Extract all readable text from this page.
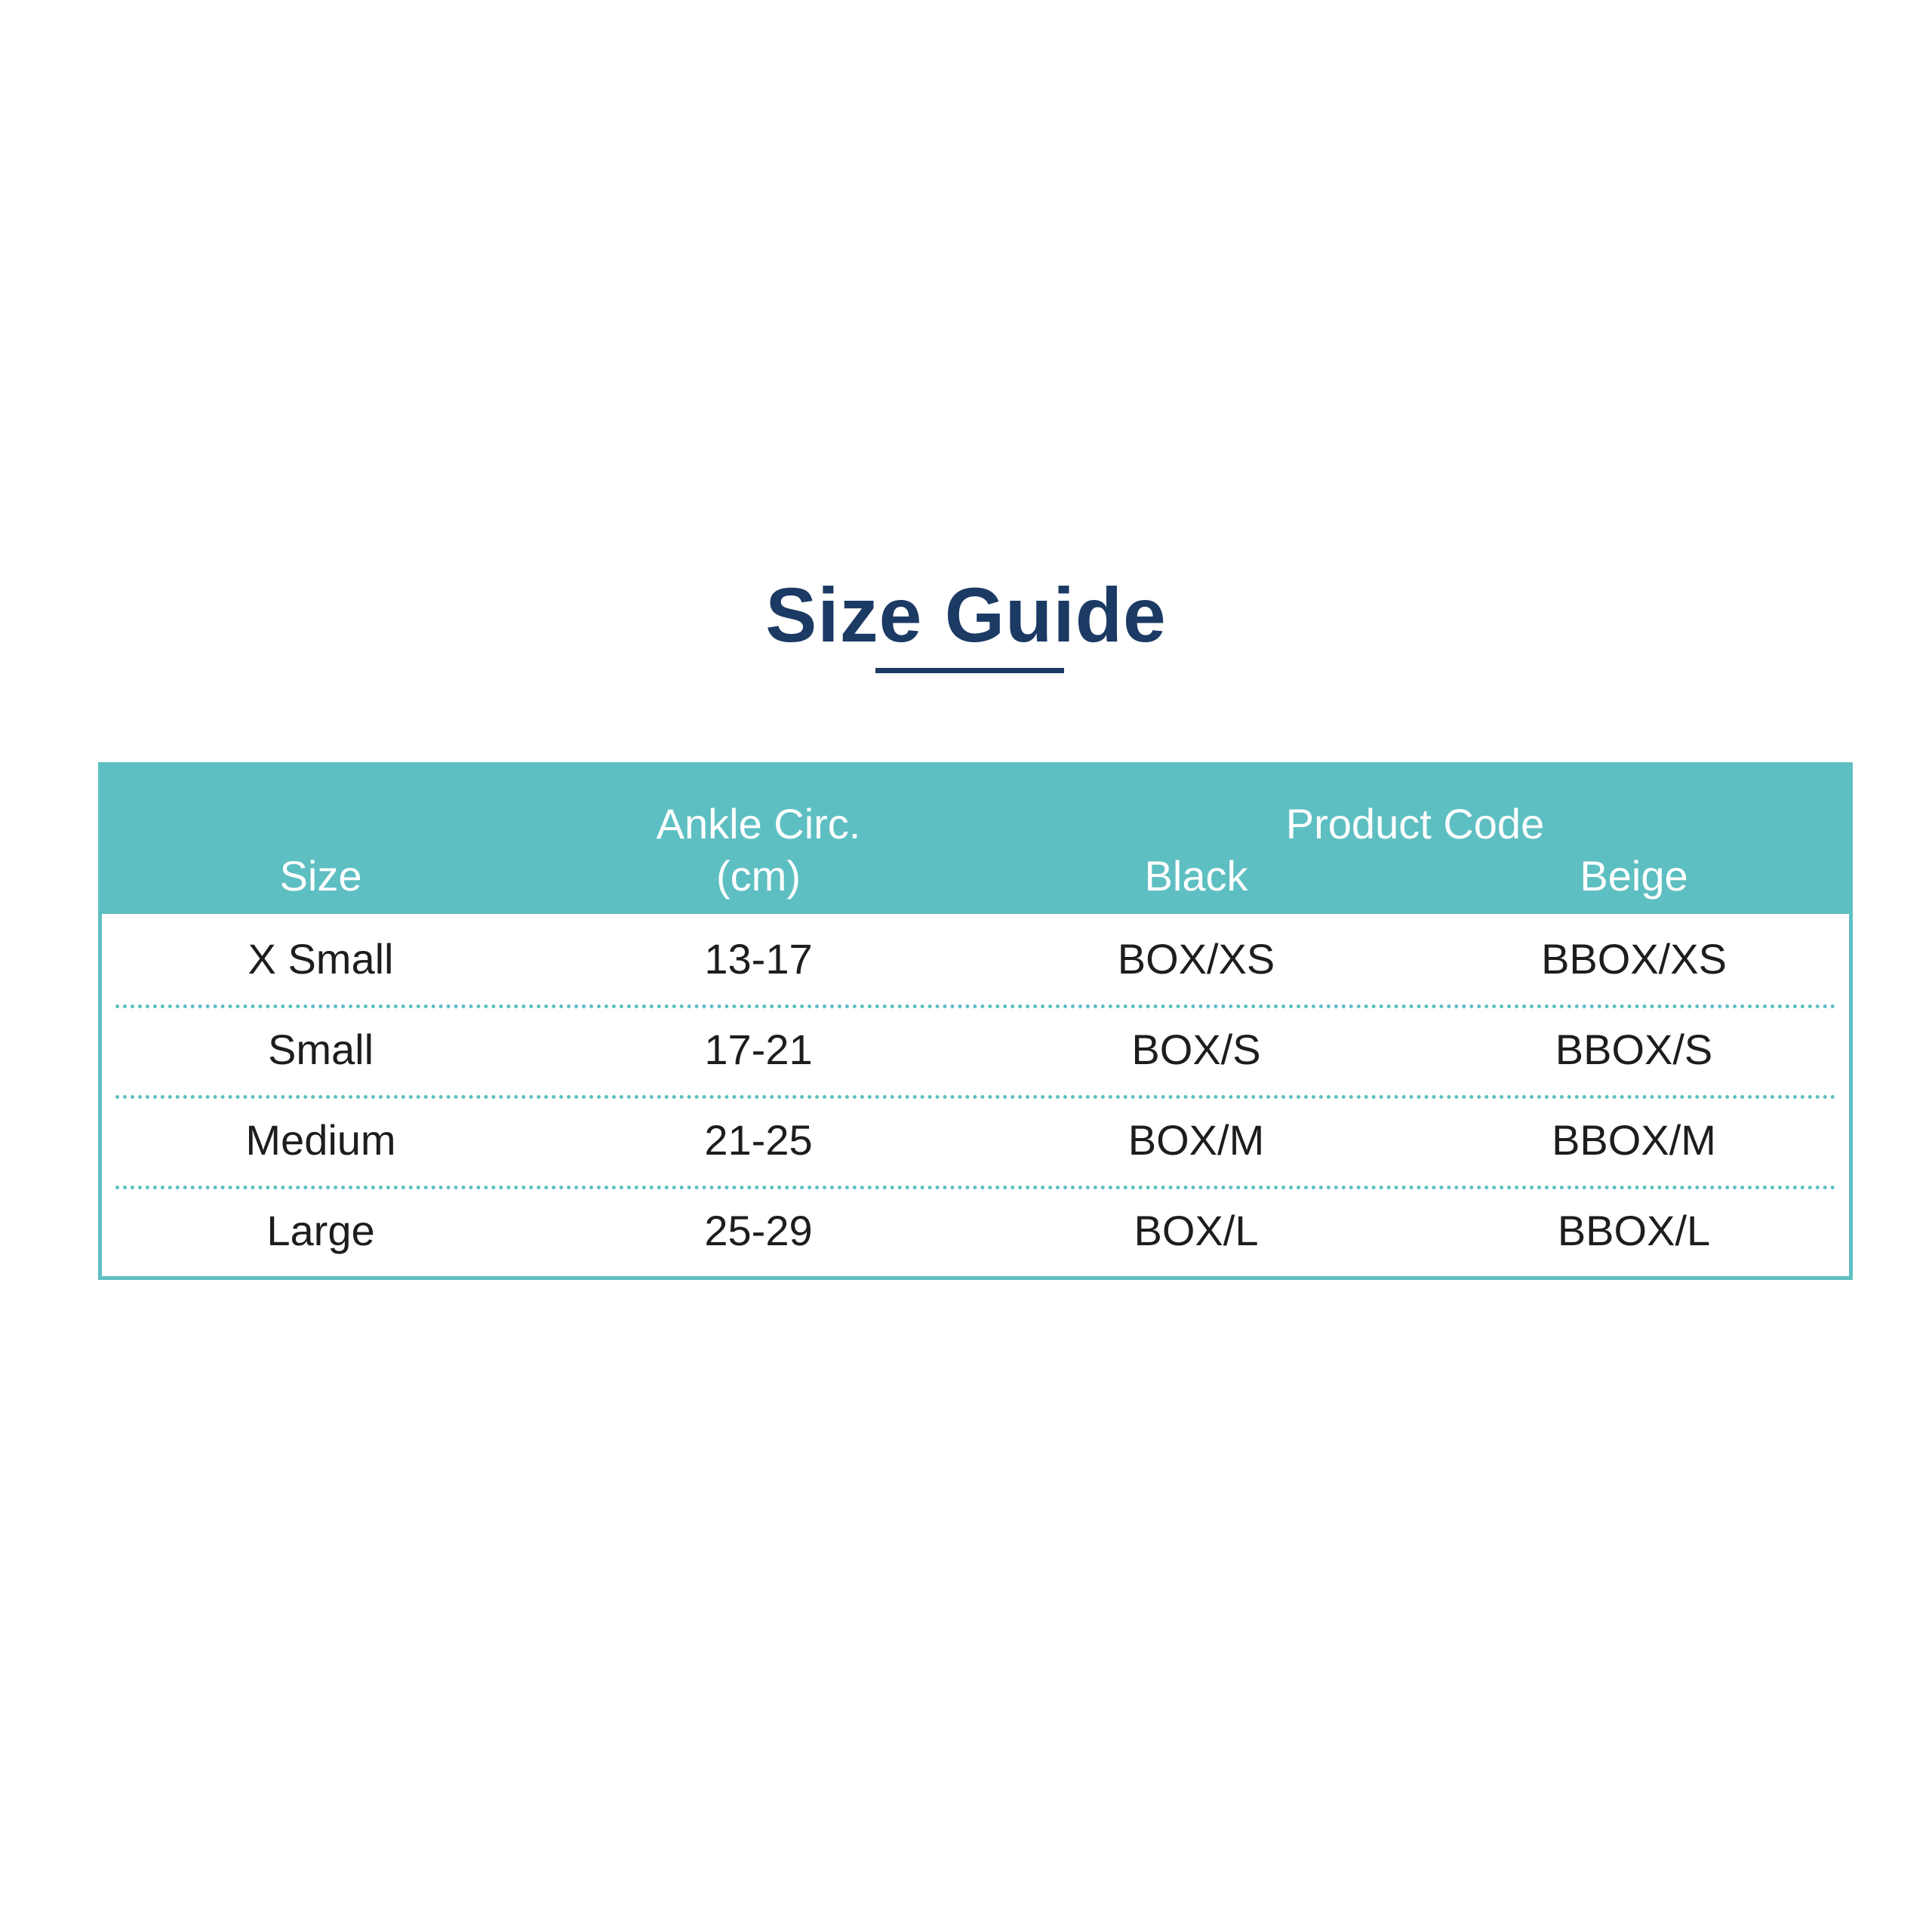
Size Guide
Size
Ankle Circ.
(cm)
Product Code
Black	Beige
X Small	13-17	BOX/XS	BBOX/XS
Small	17-21	BOX/S	BBOX/S
Medium	21-25	BOX/M	BBOX/M
Large	25-29	BOX/L	BBOX/L
